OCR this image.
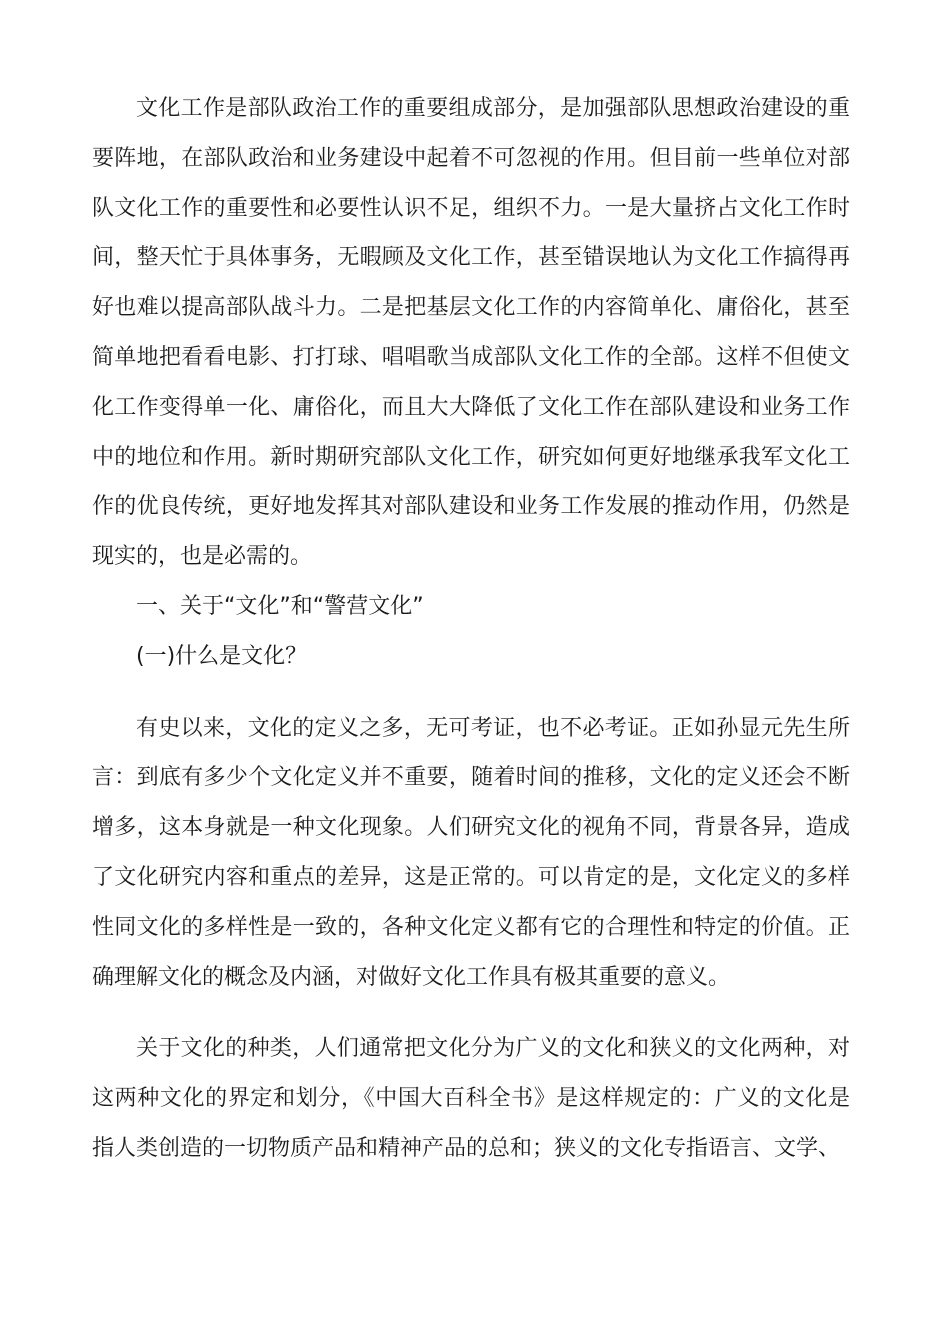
文化工作是部队政治工作的重要组成部分，是加强部队思想政治建设的重要阵地，在部队政治和业务建设中起着不可忽视的作用。但目前一些单位对部队文化工作的重要性和必要性认识不足，组织不力。一是大量挤占文化工作时间，整天忙于具体事务，无暇顾及文化工作，甚至错误地认为文化工作搞得再好也难以提高部队战斗力。二是把基层文化工作的内容简单化、庸俗化，甚至简单地把看看电影、打打球、唱唱歌当成部队文化工作的全部。这样不但使文化工作变得单一化、庸俗化，而且大大降低了文化工作在部队建设和业务工作中的地位和作用。新时期研究部队文化工作，研究如何更好地继承我军文化工作的优良传统，更好地发挥其对部队建设和业务工作发展的推动作用，仍然是现实的，也是必需的。

一、关于“文化”和“警营文化”

(一)什么是文化？

有史以来，文化的定义之多，无可考证，也不必考证。正如孙显元先生所言：到底有多少个文化定义并不重要，随着时间的推移，文化的定义还会不断增多，这本身就是一种文化现象。人们研究文化的视角不同，背景各异，造成了文化研究内容和重点的差异，这是正常的。可以肯定的是，文化定义的多样性同文化的多样性是一致的，各种文化定义都有它的合理性和特定的价值。正确理解文化的概念及内涵，对做好文化工作具有极其重要的意义。

关于文化的种类，人们通常把文化分为广义的文化和狭义的文化两种，对这两种文化的界定和划分，《中国大百科全书》是这样规定的：广义的文化是指人类创造的一切物质产品和精神产品的总和；狭义的文化专指语言、文学、
